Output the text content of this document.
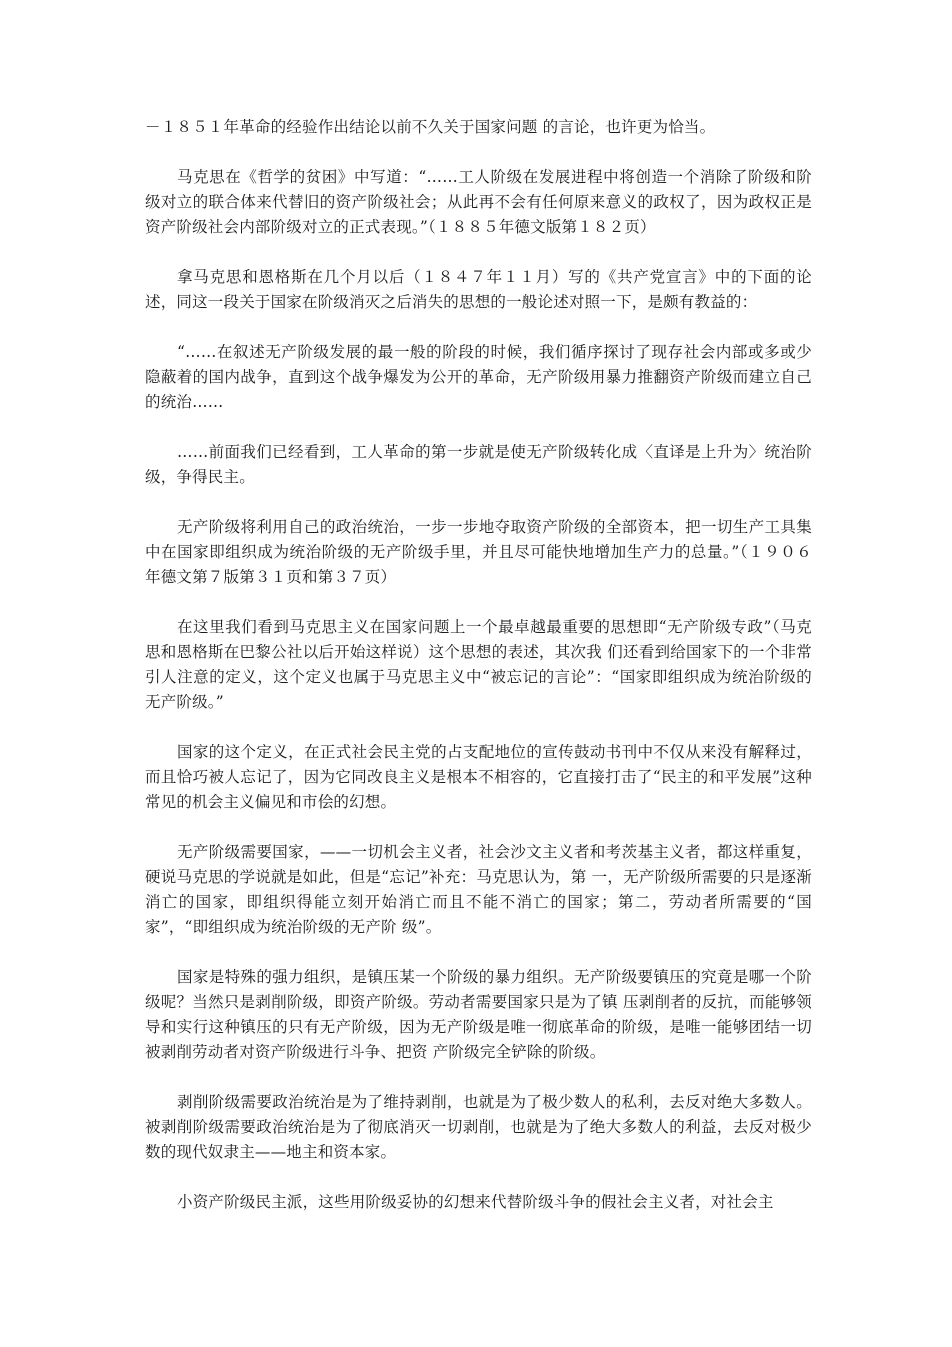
－１８５１年革命的经验作出结论以前不久关于国家问题 的言论，也许更为恰当。
马克思在《哲学的贫困》中写道：“……工人阶级在发展进程中将创造一个消除了阶级和阶级对立的联合体来代替旧的资产阶级社会；从此再不会有任何原来意义的政权了，因为政权正是资产阶级社会内部阶级对立的正式表现。”（１８８５年德文版第１８２页）
拿马克思和恩格斯在几个月以后（１８４７年１１月）写的《共产党宣言》中的下面的论述，同这一段关于国家在阶级消灭之后消失的思想的一般论述对照一下，是颇有教益的：
“……在叙述无产阶级发展的最一般的阶段的时候，我们循序探讨了现存社会内部或多或少隐蔽着的国内战争，直到这个战争爆发为公开的革命，无产阶级用暴力推翻资产阶级而建立自己的统治……
……前面我们已经看到，工人革命的第一步就是使无产阶级转化成〈直译是上升为〉统治阶级，争得民主。
无产阶级将利用自己的政治统治，一步一步地夺取资产阶级的全部资本，把一切生产工具集中在国家即组织成为统治阶级的无产阶级手里，并且尽可能快地增加生产力的总量。”（１９０６年德文第７版第３１页和第３７页）
在这里我们看到马克思主义在国家问题上一个最卓越最重要的思想即“无产阶级专政”（马克思和恩格斯在巴黎公社以后开始这样说）这个思想的表述，其次我 们还看到给国家下的一个非常引人注意的定义，这个定义也属于马克思主义中“被忘记的言论”：“国家即组织成为统治阶级的无产阶级。”
国家的这个定义，在正式社会民主党的占支配地位的宣传鼓动书刊中不仅从来没有解释过，而且恰巧被人忘记了，因为它同改良主义是根本不相容的，它直接打击了“民主的和平发展”这种常见的机会主义偏见和市侩的幻想。
无产阶级需要国家，——一切机会主义者，社会沙文主义者和考茨基主义者，都这样重复，硬说马克思的学说就是如此，但是“忘记”补充：马克思认为，第 一，无产阶级所需要的只是逐渐消亡的国家，即组织得能立刻开始消亡而且不能不消亡的国家；第二，劳动者所需要的“国家”，“即组织成为统治阶级的无产阶 级”。
国家是特殊的强力组织，是镇压某一个阶级的暴力组织。无产阶级要镇压的究竟是哪一个阶级呢？当然只是剥削阶级，即资产阶级。劳动者需要国家只是为了镇 压剥削者的反抗，而能够领导和实行这种镇压的只有无产阶级，因为无产阶级是唯一彻底革命的阶级，是唯一能够团结一切被剥削劳动者对资产阶级进行斗争、把资 产阶级完全铲除的阶级。
剥削阶级需要政治统治是为了维持剥削，也就是为了极少数人的私利，去反对绝大多数人。被剥削阶级需要政治统治是为了彻底消灭一切剥削，也就是为了绝大多数人的利益，去反对极少数的现代奴隶主——地主和资本家。
小资产阶级民主派，这些用阶级妥协的幻想来代替阶级斗争的假社会主义者，对社会主
